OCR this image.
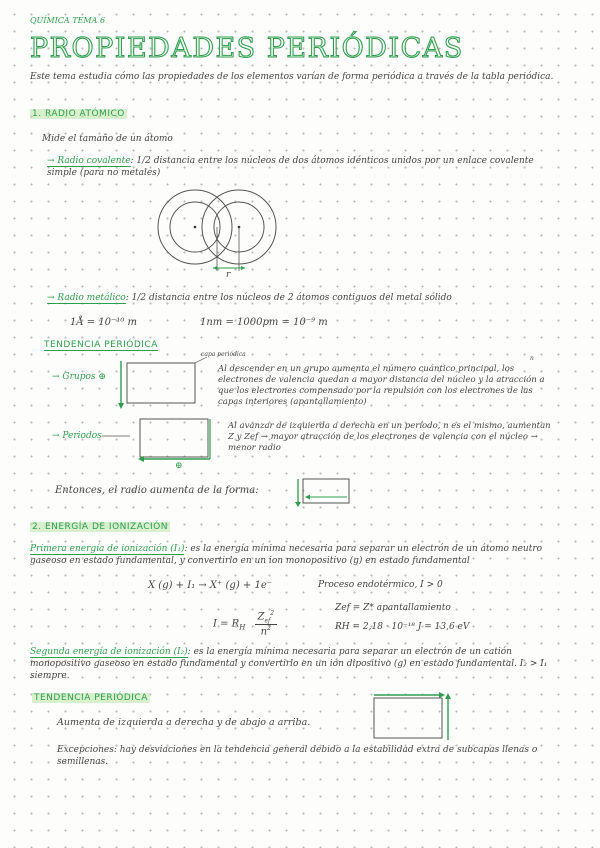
QUÍMICA TEMA 6
PROPIEDADES PERIÓDICAS
Este tema estudia cómo las propiedades de los elementos varían de forma periódica a través de la tabla periódica.
1. RADIO ATÓMICO
Mide el tamaño de un átomo
→ Radio covalente: 1/2 distancia entre los núcleos de dos átomos idénticos unidos por un enlace covalente simple (para no metales)
r
→ Radio metálico: 1/2 distancia entre los núcleos de 2 átomos contiguos del metal sólido
1Å = 10⁻¹⁰ m	1nm = 1000pm = 10⁻⁹ m
TENDENCIA PERIÓDICA
→ Grupos ⊕
capa periódica
Al descender en un grupo aumenta el número cuántico principal, los electrones de valencia quedan a mayor distancia del núcleo y la atracción a que los electrones compensado por la repulsión con los electrones de las capas interiores (apantallamiento)
n
→ Periodos
⊕
Al avanzar de izquierda a derecha en un período, n es el mismo, aumentan Z y Zef → mayor atracción de los electrones de valencia con el núcleo → menor radio
Entonces, el radio aumenta de la forma:
2. ENERGÍA DE IONIZACIÓN
Primera energía de ionización (I₁): es la energía mínima necesaria para separar un electrón de un átomo neutro gaseoso en estado fundamental, y convertirlo en un ion monopositivo (g) en estado fundamental
X (g) + I₁ → X⁺ (g) + 1e⁻	Proceso endotérmico, I > 0
$I = R_H$
$Z_{ef}^2$
$n^2$
Zef = Z* apantallamiento
RH = 2,18 · 10⁻¹⁸ J = 13,6 eV
Segunda energía de ionización (I₂): es la energía mínima necesaria para separar un electrón de un catión monopositivo gaseoso en estado fundamental y convertirlo en un ión dipositivo (g) en estado fundamental. I₂ > I₁ siempre.
TENDENCIA PERIÓDICA
Aumenta de izquierda a derecha y de abajo a arriba.
Excepciones: hay desviaciones en la tendencia general debido a la estabilidad extra de subcapas llenas o semillenas.
